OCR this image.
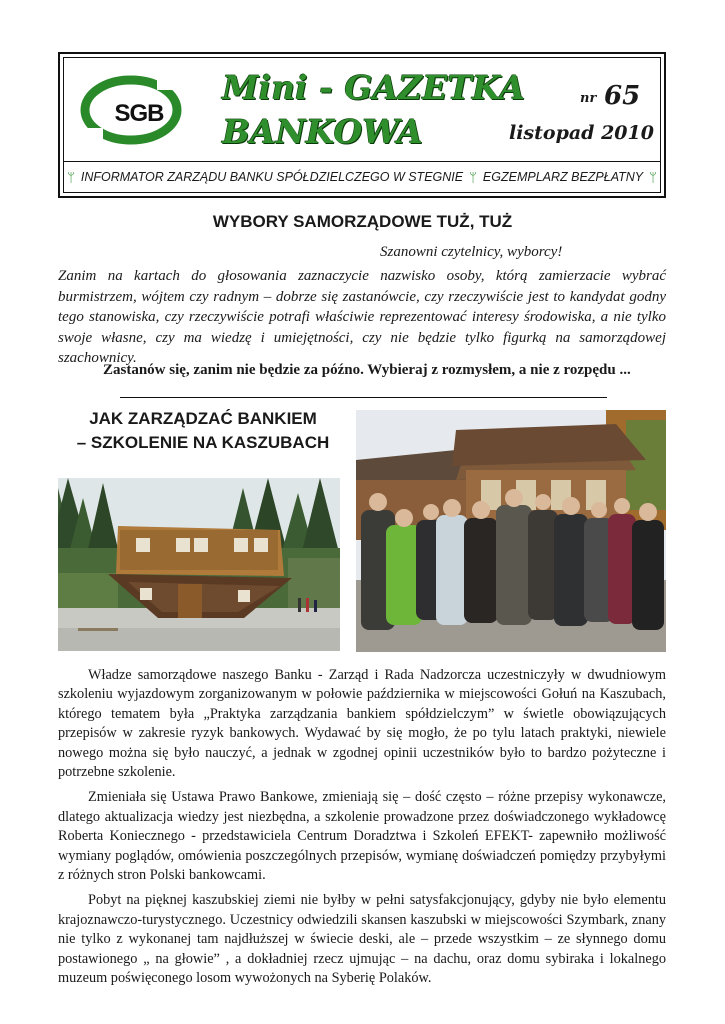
SGB
Mini - GAZETKA
BANKOWA
nr 65
listopad 2010
ᛘ INFORMATOR ZARZĄDU BANKU SPÓŁDZIELCZEGO W STEGNIE ᛘ EGZEMPLARZ BEZPŁATNY ᛘ
WYBORY SAMORZĄDOWE TUŻ, TUŻ
Szanowni czytelnicy, wyborcy!
Zanim na kartach do głosowania zaznaczycie nazwisko osoby, którą zamierzacie wybrać burmistrzem, wójtem czy radnym – dobrze się zastanówcie, czy rzeczywiście jest to kandydat godny tego stanowiska, czy rzeczywiście potrafi właściwie reprezentować interesy środowiska, a nie tylko swoje własne, czy ma wiedzę i umiejętności, czy nie będzie tylko figurką na samorządowej szachownicy.
Zastanów się, zanim nie będzie za późno. Wybieraj z rozmysłem, a nie z rozpędu ...
JAK ZARZĄDZAĆ BANKIEM
– SZKOLENIE NA KASZUBACH

Władze samorządowe naszego Banku - Zarząd i Rada Nadzorcza uczestniczyły w dwudniowym szkoleniu wyjazdowym zorganizowanym w połowie października w miejscowości Gołuń na Kaszubach, którego tematem była „Praktyka zarządzania bankiem spółdzielczym” w świetle obowiązujących przepisów w zakresie ryzyk bankowych. Wydawać by się mogło, że po tylu latach praktyki, niewiele nowego można się było nauczyć, a jednak w zgodnej opinii uczestników było to bardzo pożyteczne i potrzebne szkolenie.

Zmieniała się Ustawa Prawo Bankowe, zmieniają się – dość często – różne przepisy wykonawcze, dlatego aktualizacja wiedzy jest niezbędna, a szkolenie prowadzone przez doświadczonego wykładowcę Roberta Koniecznego - przedstawiciela Centrum Doradztwa i Szkoleń EFEKT- zapewniło możliwość wymiany poglądów, omówienia poszczególnych przepisów, wymianę doświadczeń pomiędzy przybyłymi z różnych stron Polski bankowcami.

Pobyt na pięknej kaszubskiej ziemi nie byłby w pełni satysfakcjonujący, gdyby nie było elementu krajoznawczo-turystycznego. Uczestnicy odwiedzili skansen kaszubski w miejscowości Szymbark, znany nie tylko z wykonanej tam najdłuższej w świecie deski, ale – przede wszystkim – ze słynnego domu postawionego „ na głowie” , a dokładniej rzecz ujmując – na dachu, oraz domu sybiraka i lokalnego muzeum poświęconego losom wywożonych na Syberię Polaków.
